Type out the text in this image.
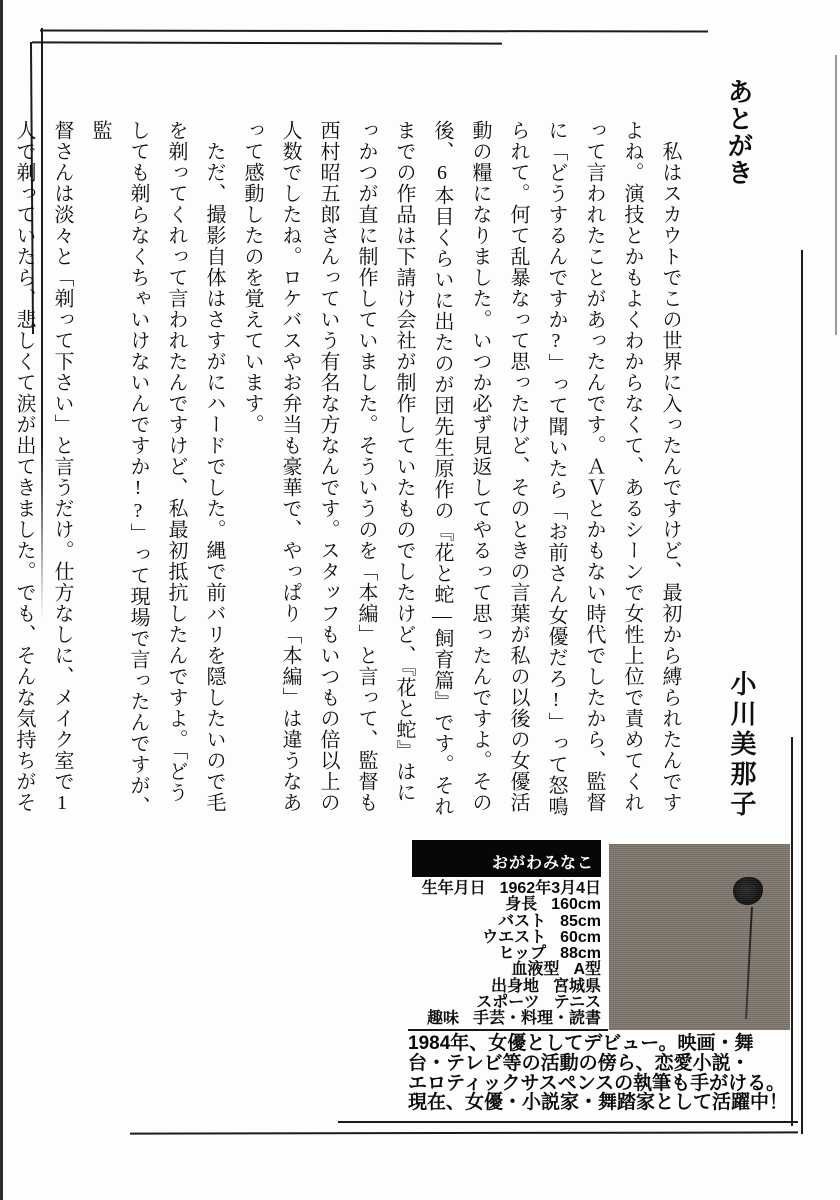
あとがき
小川美那子
　私はスカウトでこの世界に入ったんですけど、最初から縛られたんです
よね。演技とかもよくわからなくて、あるシーンで女性上位で責めてくれ
って言われたことがあったんです。ＡＶとかもない時代でしたから、監督
に「どうするんですか?」って聞いたら「お前さん女優だろ!」って怒鳴
られて。何て乱暴なって思ったけど、そのときの言葉が私の以後の女優活
動の糧になりました。いつか必ず見返してやるって思ったんですよ。その
後、6本目くらいに出たのが団先生原作の『花と蛇―飼育篇』です。それ
までの作品は下請け会社が制作していたものでしたけど、『花と蛇』はに
っかつが直に制作していました。そういうのを「本編」と言って、監督も
西村昭五郎さんっていう有名な方なんです。スタッフもいつもの倍以上の
人数でしたね。ロケバスやお弁当も豪華で、やっぱり「本編」は違うなあ
って感動したのを覚えています。
　ただ、撮影自体はさすがにハードでした。縄で前バリを隠したいので毛
を剃ってくれって言われたんですけど、私最初抵抗したんですよ。「どう
しても剃らなくちゃいけないんですか!?」って現場で言ったんですが、監
督さんは淡々と「剃って下さい」と言うだけ。仕方なしに、メイク室で1
人で剃っていたら、悲しくて涙が出てきました。でも、そんな気持ちがそ
おがわみなこ
生年月日 1962年3月4日
身長 160cm
バスト 85cm
ウエスト 60cm
ヒップ 88cm
血液型 A型
出身地 宮城県
スポーツ テニス
趣味 手芸・料理・読書
1984年、女優としてデビュー。映画・舞
台・テレビ等の活動の傍ら、恋愛小説・
エロティックサスペンスの執筆も手がける。
現在、女優・小説家・舞踏家として活躍中！
